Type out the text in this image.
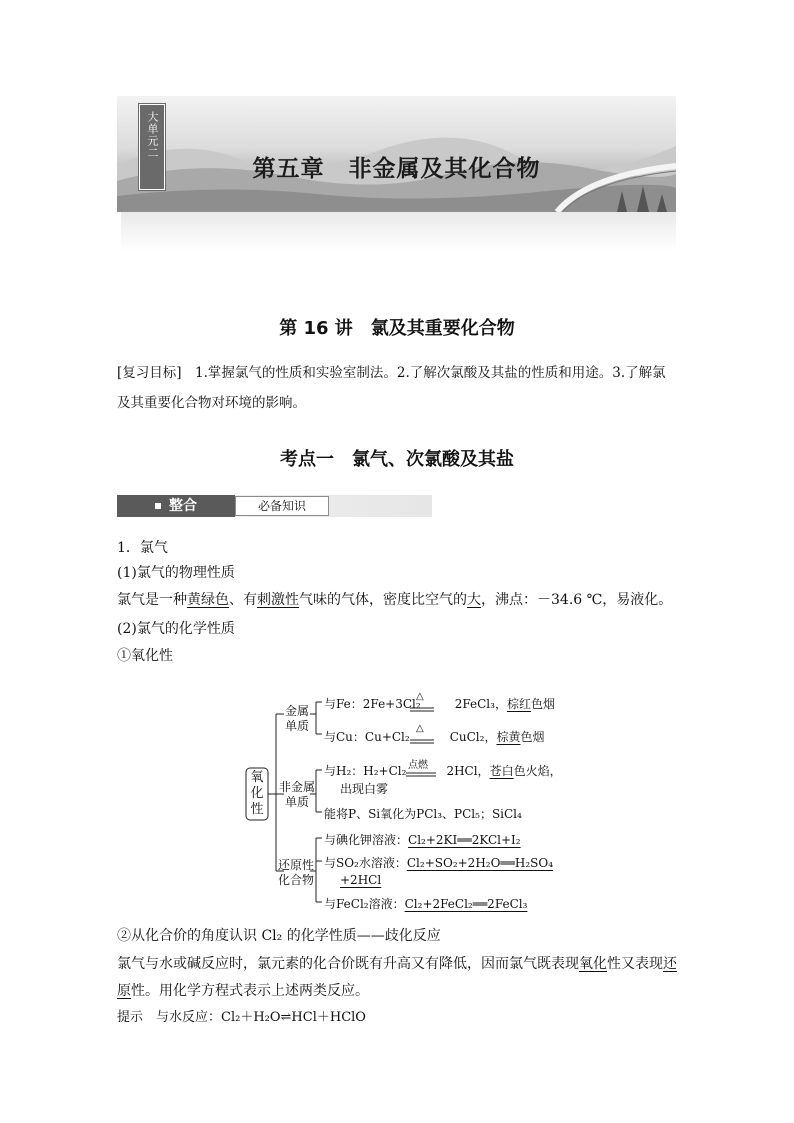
大单元二
第五章　非金属及其化合物
第 16 讲　氯及其重要化合物
[复习目标]　1.掌握氯气的性质和实验室制法。2.了解次氯酸及其盐的性质和用途。3.了解氯
及其重要化合物对环境的影响。
考点一　氯气、次氯酸及其盐
整合	必备知识
1．氯气
(1)氯气的物理性质
氯气是一种黄绿色、有刺激性气味的气体，密度比空气的大，沸点：－34.6 ℃，易液化。
(2)氯气的化学性质
①氧化性
氧化性
金属
单质
非金属
单质
还原性
化合物
与Fe：2Fe+3Cl₂	2FeCl₃，棕红色烟
△
与Cu：Cu+Cl₂	CuCl₂，棕黄色烟
△
与H₂：H₂+Cl₂	2HCl，苍白色火焰，
点燃
出现白雾
能将P、Si氧化为PCl₃、PCl₅；SiCl₄
与碘化钾溶液：Cl₂+2KI══2KCl+I₂
与SO₂水溶液：Cl₂+SO₂+2H₂O══H₂SO₄
+2HCl
与FeCl₂溶液：Cl₂+2FeCl₂══2FeCl₃
②从化合价的角度认识 Cl₂ 的化学性质——歧化反应
氯气与水或碱反应时，氯元素的化合价既有升高又有降低，因而氯气既表现氧化性又表现还
原性。用化学方程式表示上述两类反应。
提示　与水反应：Cl₂＋H₂O⇌HCl＋HClO
